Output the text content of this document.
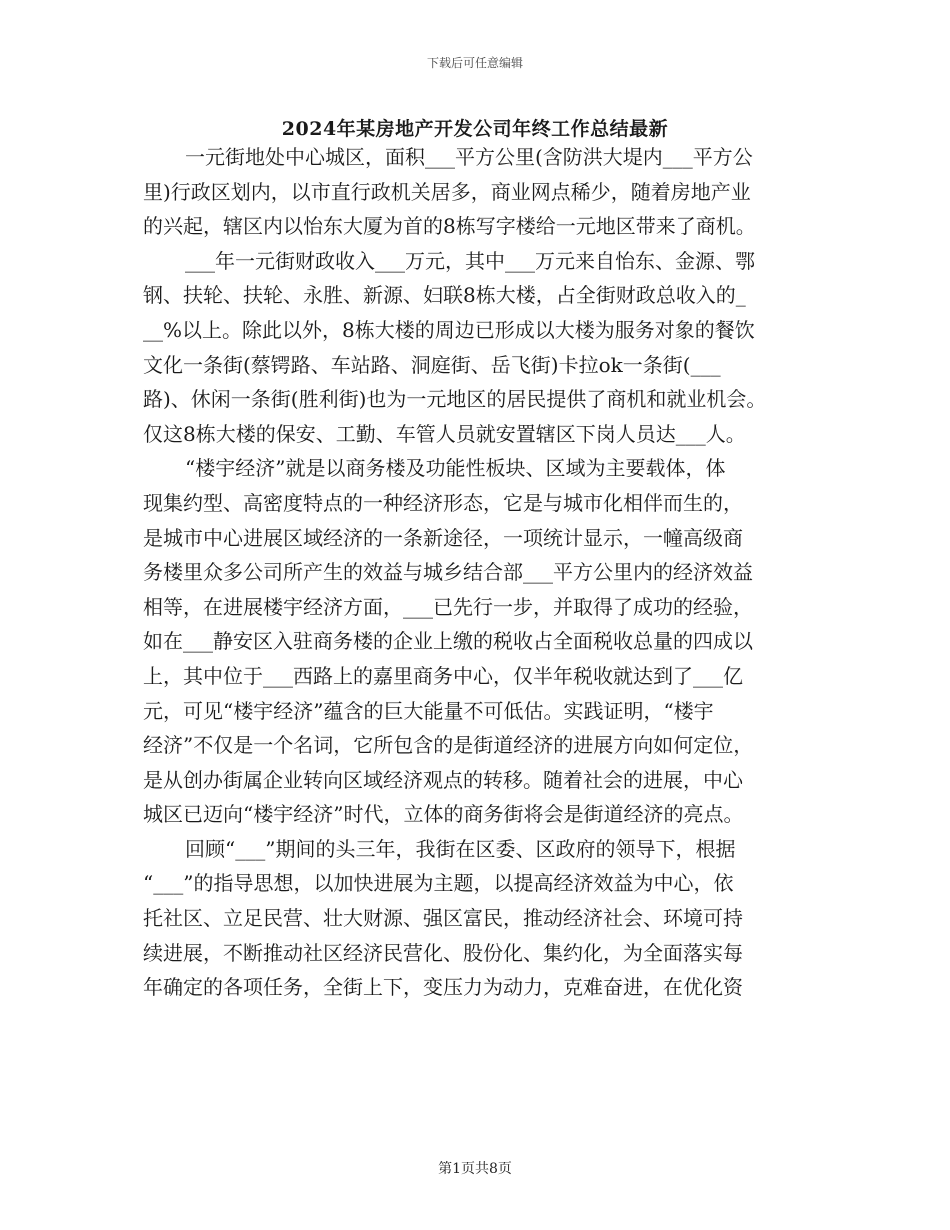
下载后可任意编辑
2024年某房地产开发公司年终工作总结最新
一元街地处中心城区，面积___平方公里(含防洪大堤内___平方公
里)行政区划内，以市直行政机关居多，商业网点稀少，随着房地产业
的兴起，辖区内以怡东大厦为首的8栋写字楼给一元地区带来了商机。
___年一元街财政收入___万元，其中___万元来自怡东、金源、鄂
钢、扶轮、扶轮、永胜、新源、妇联8栋大楼，占全街财政总收入的_
__%以上。除此以外，8栋大楼的周边已形成以大楼为服务对象的餐饮
文化一条街(蔡锷路、车站路、洞庭街、岳飞街)卡拉ok一条街(___
路)、休闲一条街(胜利街)也为一元地区的居民提供了商机和就业机会。
仅这8栋大楼的保安、工勤、车管人员就安置辖区下岗人员达___人。
“楼宇经济”就是以商务楼及功能性板块、区域为主要载体，体
现集约型、高密度特点的一种经济形态，它是与城市化相伴而生的，
是城市中心进展区域经济的一条新途径，一项统计显示，一幢高级商
务楼里众多公司所产生的效益与城乡结合部___平方公里内的经济效益
相等，在进展楼宇经济方面，___已先行一步，并取得了成功的经验，
如在___静安区入驻商务楼的企业上缴的税收占全面税收总量的四成以
上，其中位于___西路上的嘉里商务中心，仅半年税收就达到了___亿
元，可见“楼宇经济”蕴含的巨大能量不可低估。实践证明，“楼宇
经济”不仅是一个名词，它所包含的是街道经济的进展方向如何定位，
是从创办街属企业转向区域经济观点的转移。随着社会的进展，中心
城区已迈向“楼宇经济”时代，立体的商务街将会是街道经济的亮点。
回顾“___”期间的头三年，我街在区委、区政府的领导下，根据
“___”的指导思想，以加快进展为主题，以提高经济效益为中心，依
托社区、立足民营、壮大财源、强区富民，推动经济社会、环境可持
续进展，不断推动社区经济民营化、股份化、集约化，为全面落实每
年确定的各项任务，全街上下，变压力为动力，克难奋进，在优化资
第1页共8页
